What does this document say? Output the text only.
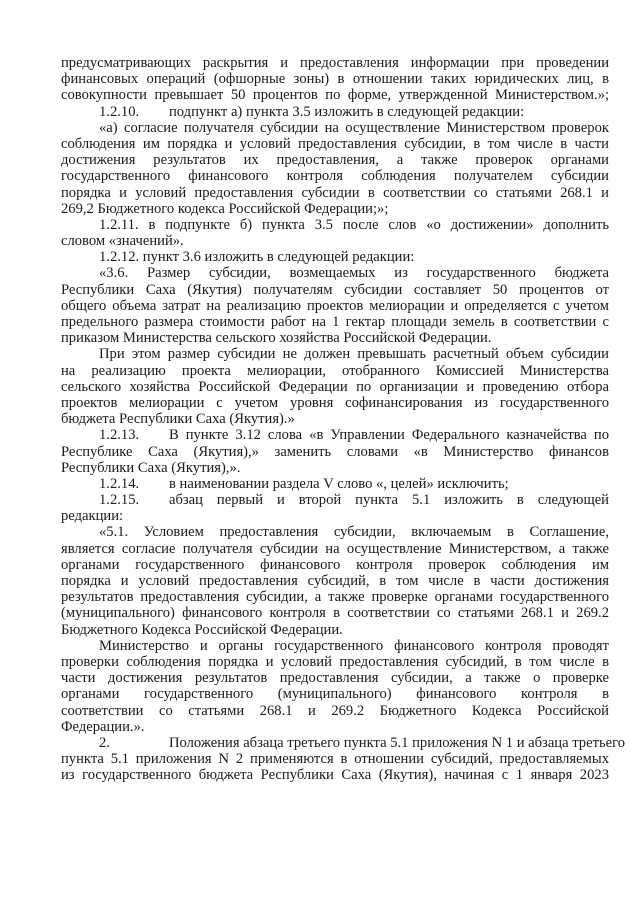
предусматривающих раскрытия и предоставления информации при проведении
финансовых операций (офшорные зоны) в отношении таких юридических лиц, в
совокупности превышает 50 процентов по форме, утвержденной Министерством.»;
1.2.10. подпункт а) пункта 3.5 изложить в следующей редакции:
«а) согласие получателя субсидии на осуществление Министерством проверок
соблюдения им порядка и условий предоставления субсидии, в том числе в части
достижения результатов их предоставления, а также проверок органами
государственного финансового контроля соблюдения получателем субсидии
порядка и условий предоставления субсидии в соответствии со статьями 268.1 и
269,2 Бюджетного кодекса Российской Федерации;»;
1.2.11. в подпункте б) пункта 3.5 после слов «о достижении» дополнить
словом «значений».
1.2.12. пункт 3.6 изложить в следующей редакции:
«3.6. Размер субсидии, возмещаемых из государственного бюджета
Республики Саха (Якутия) получателям субсидии составляет 50 процентов от
общего объема затрат на реализацию проектов мелиорации и определяется с учетом
предельного размера стоимости работ на 1 гектар площади земель в соответствии с
приказом Министерства сельского хозяйства Российской Федерации.
При этом размер субсидии не должен превышать расчетный объем субсидии
на реализацию проекта мелиорации, отобранного Комиссией Министерства
сельского хозяйства Российской Федерации по организации и проведению отбора
проектов мелиорации с учетом уровня софинансирования из государственного
бюджета Республики Саха (Якутия).»
1.2.13. В пункте 3.12 слова «в Управлении Федерального казначейства по
Республике Саха (Якутия),» заменить словами «в Министерство финансов
Республики Саха (Якутия),».
1.2.14. в наименовании раздела V слово «, целей» исключить;
1.2.15. абзац первый и второй пункта 5.1 изложить в следующей
редакции:
«5.1. Условием предоставления субсидии, включаемым в Соглашение,
является согласие получателя субсидии на осуществление Министерством, а также
органами государственного финансового контроля проверок соблюдения им
порядка и условий предоставления субсидий, в том числе в части достижения
результатов предоставления субсидии, а также проверке органами государственного
(муниципального) финансового контроля в соответствии со статьями 268.1 и 269.2
Бюджетного Кодекса Российской Федерации.
Министерство и органы государственного финансового контроля проводят
проверки соблюдения порядка и условий предоставления субсидий, в том числе в
части достижения результатов предоставления субсидии, а также о проверке
органами государственного (муниципального) финансового контроля в
соответствии со статьями 268.1 и 269.2 Бюджетного Кодекса Российской
Федерации.».
2.	Положения абзаца третьего пункта 5.1 приложения N 1 и абзаца третьего
пункта 5.1 приложения N 2 применяются в отношении субсидий, предоставляемых
из государственного бюджета Республики Саха (Якутия), начиная с 1 января 2023
